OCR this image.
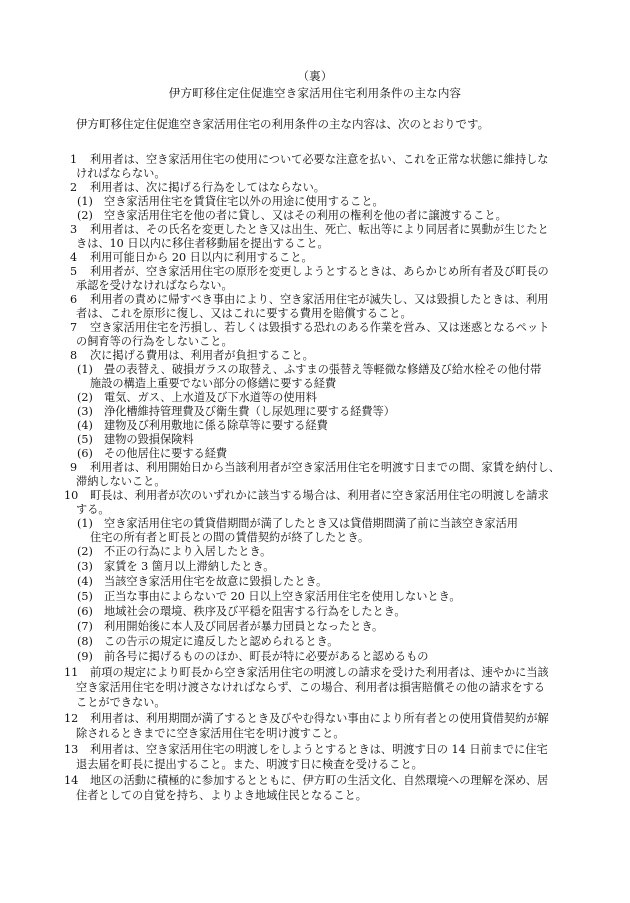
（裏）
伊方町移住定住促進空き家活用住宅利用条件の主な内容
伊方町移住定住促進空き家活用住宅の利用条件の主な内容は、次のとおりです。
1 利用者は、空き家活用住宅の使用について必要な注意を払い、これを正常な状態に維持しな
ければならない。
2 利用者は、次に掲げる行為をしてはならない。
(1) 空き家活用住宅を賃貸住宅以外の用途に使用すること。
(2) 空き家活用住宅を他の者に貸し、又はその利用の権利を他の者に譲渡すること。
3 利用者は、その氏名を変更したとき又は出生、死亡、転出等により同居者に異動が生じたと
きは、10 日以内に移住者移動届を提出すること。
4 利用可能日から 20 日以内に利用すること。
5 利用者が、空き家活用住宅の原形を変更しようとするときは、あらかじめ所有者及び町長の
承認を受けなければならない。
6 利用者の責めに帰すべき事由により、空き家活用住宅が滅失し、又は毀損したときは、利用
者は、これを原形に復し、又はこれに要する費用を賠償すること。
7 空き家活用住宅を汚損し、若しくは毀損する恐れのある作業を営み、又は迷惑となるペット
の飼育等の行為をしないこと。
8 次に掲げる費用は、利用者が負担すること。
(1) 畳の表替え、破損ガラスの取替え、ふすまの張替え等軽微な修繕及び給水栓その他付帯
施設の構造上重要でない部分の修繕に要する経費
(2) 電気、ガス、上水道及び下水道等の使用料
(3) 浄化槽維持管理費及び衛生費（し尿処理に要する経費等）
(4) 建物及び利用敷地に係る除草等に要する経費
(5) 建物の毀損保険料
(6) その他居住に要する経費
9 利用者は、利用開始日から当該利用者が空き家活用住宅を明渡す日までの間、家賃を納付し、
滞納しないこと。
10 町長は、利用者が次のいずれかに該当する場合は、利用者に空き家活用住宅の明渡しを請求
する。
(1) 空き家活用住宅の賃貸借期間が満了したとき又は貸借期間満了前に当該空き家活用
住宅の所有者と町長との間の賃借契約が終了したとき。
(2) 不正の行為により入居したとき。
(3) 家賃を 3 箇月以上滞納したとき。
(4) 当該空き家活用住宅を故意に毀損したとき。
(5) 正当な事由によらないで 20 日以上空き家活用住宅を使用しないとき。
(6) 地域社会の環境、秩序及び平穏を阻害する行為をしたとき。
(7) 利用開始後に本人及び同居者が暴力団員となったとき。
(8) この告示の規定に違反したと認められるとき。
(9) 前各号に掲げるもののほか、町長が特に必要があると認めるもの
11 前項の規定により町長から空き家活用住宅の明渡しの請求を受けた利用者は、速やかに当該
空き家活用住宅を明け渡さなければならず、この場合、利用者は損害賠償その他の請求をする
ことができない。
12 利用者は、利用期間が満了するとき及びやむ得ない事由により所有者との使用貸借契約が解
除されるときまでに空き家活用住宅を明け渡すこと。
13 利用者は、空き家活用住宅の明渡しをしようとするときは、明渡す日の 14 日前までに住宅
退去届を町長に提出すること。また、明渡す日に検査を受けること。
14 地区の活動に積極的に参加するとともに、伊方町の生活文化、自然環境への理解を深め、居
住者としての自覚を持ち、よりよき地域住民となること。
